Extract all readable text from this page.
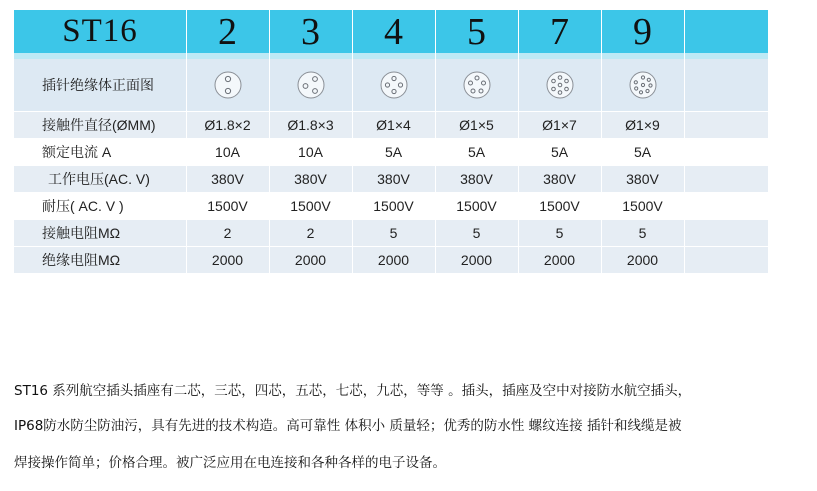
ST16	2	3	4	5	7	9
插针绝缘体正面图
接触件直径(ØMM)	Ø1.8×2	Ø1.8×3	Ø1×4	Ø1×5	Ø1×7	Ø1×9
额定电流 A	10A	10A	5A	5A	5A	5A
工作电压(AC. V)	380V	380V	380V	380V	380V	380V
耐压( AC. V )	1500V	1500V	1500V	1500V	1500V	1500V
接触电阻MΩ	2	2	5	5	5	5
绝缘电阻MΩ	2000	2000	2000	2000	2000	2000
ST16 系列航空插头插座有二芯，三芯，四芯，五芯，七芯，九芯，等等 。插头，插座及空中对接防水航空插头，
IP68防水防尘防油污，具有先进的技术构造。高可靠性 体积小 质量轻；优秀的防水性 螺纹连接 插针和线缆是被
焊接操作简单；价格合理。被广泛应用在电连接和各种各样的电子设备。
